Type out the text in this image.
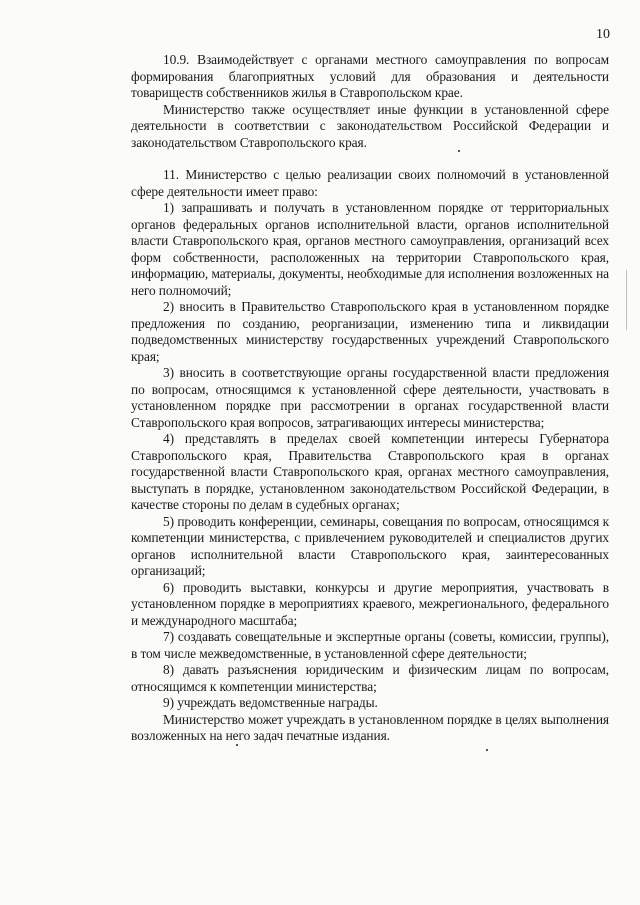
10

10.9. Взаимодействует с органами местного самоуправления по вопросам формирования благоприятных условий для образования и деятельности товариществ собственников жилья в Ставропольском крае.

Министерство также осуществляет иные функции в установленной сфере деятельности в соответствии с законодательством Российской Федерации и законодательством Ставропольского края.

11. Министерство с целью реализации своих полномочий в установленной сфере деятельности имеет право:

1) запрашивать и получать в установленном порядке от территориальных органов федеральных органов исполнительной власти, органов исполнительной власти Ставропольского края, органов местного самоуправления, организаций всех форм собственности, расположенных на территории Ставропольского края, информацию, материалы, документы, необходимые для исполнения возложенных на него полномочий;

2) вносить в Правительство Ставропольского края в установленном порядке предложения по созданию, реорганизации, изменению типа и ликвидации подведомственных министерству государственных учреждений Ставропольского края;

3) вносить в соответствующие органы государственной власти предложения по вопросам, относящимся к установленной сфере деятельности, участвовать в установленном порядке при рассмотрении в органах государственной власти Ставропольского края вопросов, затрагивающих интересы министерства;

4) представлять в пределах своей компетенции интересы Губернатора Ставропольского края, Правительства Ставропольского края в органах государственной власти Ставропольского края, органах местного самоуправления, выступать в порядке, установленном законодательством Российской Федерации, в качестве стороны по делам в судебных органах;

5) проводить конференции, семинары, совещания по вопросам, относящимся к компетенции министерства, с привлечением руководителей и специалистов других органов исполнительной власти Ставропольского края, заинтересованных организаций;

6) проводить выставки, конкурсы и другие мероприятия, участвовать в установленном порядке в мероприятиях краевого, межрегионального, федерального и международного масштаба;

7) создавать совещательные и экспертные органы (советы, комиссии, группы), в том числе межведомственные, в установленной сфере деятельности;

8) давать разъяснения юридическим и физическим лицам по вопросам, относящимся к компетенции министерства;

9) учреждать ведомственные награды.

Министерство может учреждать в установленном порядке в целях выполнения возложенных на него задач печатные издания.
